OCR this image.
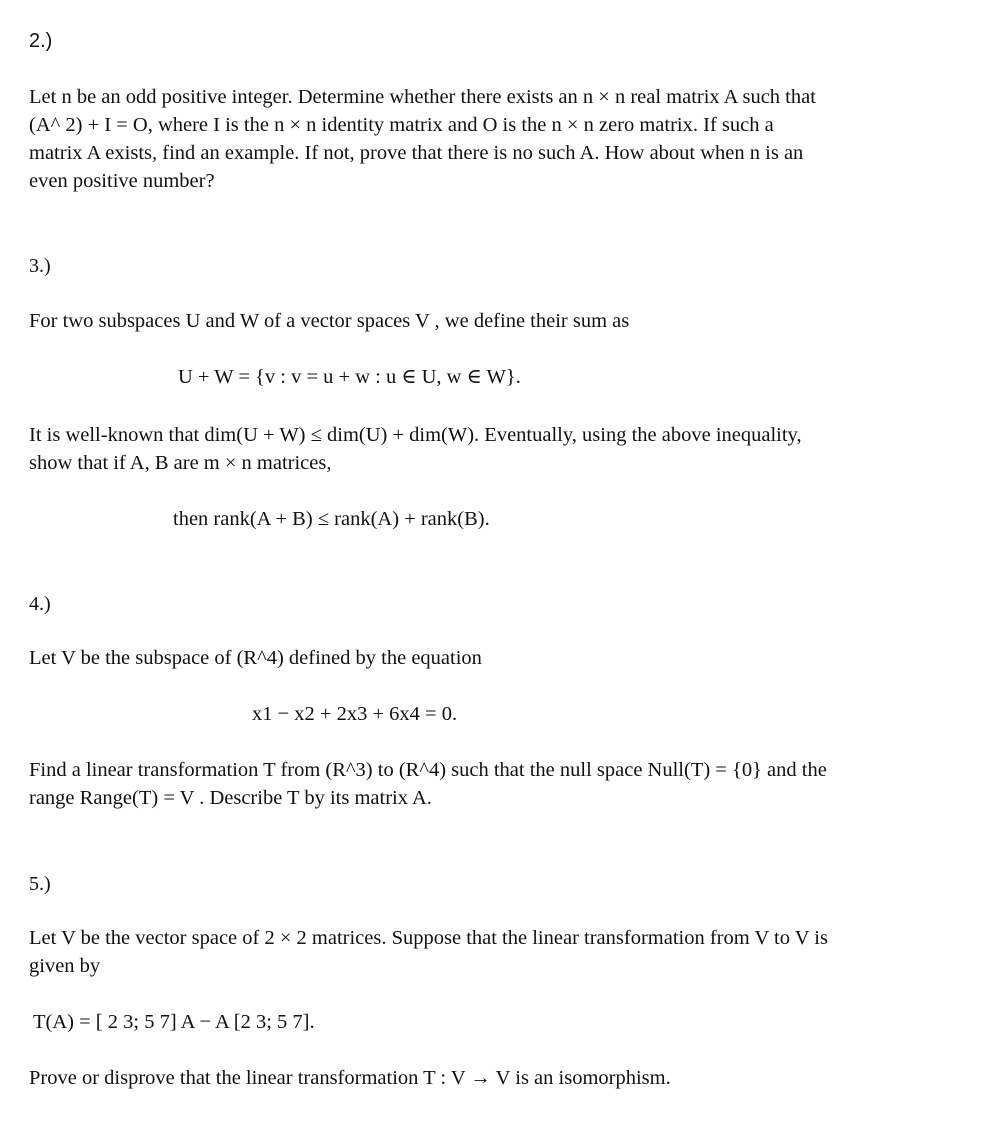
2.)
Let n be an odd positive integer. Determine whether there exists an n × n real matrix A such that
(A^ 2) + I = O, where I is the n × n identity matrix and O is the n × n zero matrix. If such a
matrix A exists, find an example. If not, prove that there is no such A. How about when n is an
even positive number?
3.)
For two subspaces U and W of a vector spaces V , we define their sum as
U + W = {v : v = u + w : u ∈ U, w ∈ W}.
It is well-known that dim(U + W) ≤ dim(U) + dim(W). Eventually, using the above inequality,
show that if A, B are m × n matrices,
then rank(A + B) ≤ rank(A) + rank(B).
4.)
Let V be the subspace of (R^4) defined by the equation
x1 − x2 + 2x3 + 6x4 = 0.
Find a linear transformation T from (R^3) to (R^4) such that the null space Null(T) = {0} and the
range Range(T) = V . Describe T by its matrix A.
5.)
Let V be the vector space of 2 × 2 matrices. Suppose that the linear transformation from V to V is
given by
T(A) = [ 2 3; 5 7] A − A [2 3; 5 7].
Prove or disprove that the linear transformation T : V → V is an isomorphism.
